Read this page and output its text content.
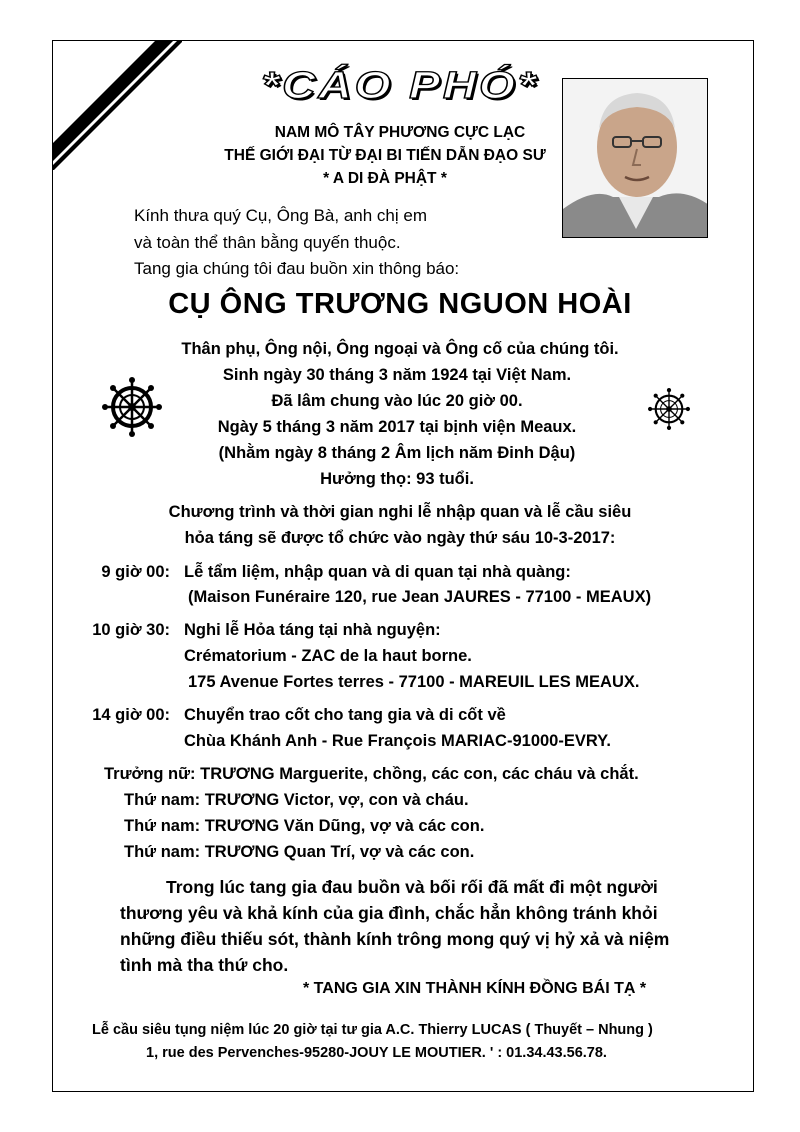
*CÁO PHÓ*
NAM MÔ TÂY PHƯƠNG CỰC LẠC
THẾ GIỚI ĐẠI TỪ ĐẠI BI TIẾN DẪN ĐẠO SƯ
* A DI ĐÀ PHẬT *
Kính thưa quý Cụ, Ông Bà, anh chị em
và toàn thể thân bằng quyến thuộc.
Tang gia chúng tôi đau buồn xin thông báo:
CỤ ÔNG TRƯƠNG NGUON HOÀI
Thân phụ, Ông nội, Ông ngoại và Ông cố của chúng tôi.
Sinh ngày 30 tháng 3 năm 1924 tại Việt Nam.
Đã lâm chung vào lúc 20 giờ 00.
Ngày 5 tháng 3 năm 2017 tại bịnh viện Meaux.
(Nhằm ngày 8 tháng 2 Âm lịch năm Đinh Dậu)
Hưởng thọ: 93 tuổi.
Chương trình và thời gian nghi lễ nhập quan và lễ cầu siêu
hỏa táng sẽ được tổ chức vào ngày thứ sáu 10-3-2017:
9 giờ 00: Lễ tẩm liệm, nhập quan và di quan tại nhà quàng:
(Maison Funéraire 120, rue Jean JAURES - 77100 - MEAUX)
10 giờ 30: Nghi lễ Hỏa táng tại nhà nguyện:
Crématorium - ZAC de la haut borne.
175 Avenue Fortes terres - 77100 - MAREUIL LES MEAUX.
14 giờ 00: Chuyển trao cốt cho tang gia và di cốt về
Chùa Khánh Anh - Rue François MARIAC-91000-EVRY.
Trưởng nữ: TRƯƠNG Marguerite, chồng, các con, các cháu và chắt.
Thứ nam: TRƯƠNG Victor, vợ, con và cháu.
Thứ nam: TRƯƠNG Văn Dũng, vợ và các con.
Thứ nam: TRƯƠNG Quan Trí, vợ và các con.
Trong lúc tang gia đau buồn và bối rối đã mất đi một người
thương yêu và khả kính của gia đình, chắc hẳn không tránh khỏi
những điều thiếu sót, thành kính trông mong quý vị hỷ xả và niệm
tình mà tha thứ cho.
* TANG GIA XIN THÀNH KÍNH ĐỒNG BÁI TẠ *
Lễ cầu siêu tụng niệm lúc 20 giờ tại tư gia A.C. Thierry LUCAS ( Thuyết – Nhung )
1, rue des Pervenches-95280-JOUY LE MOUTIER. ' : 01.34.43.56.78.
